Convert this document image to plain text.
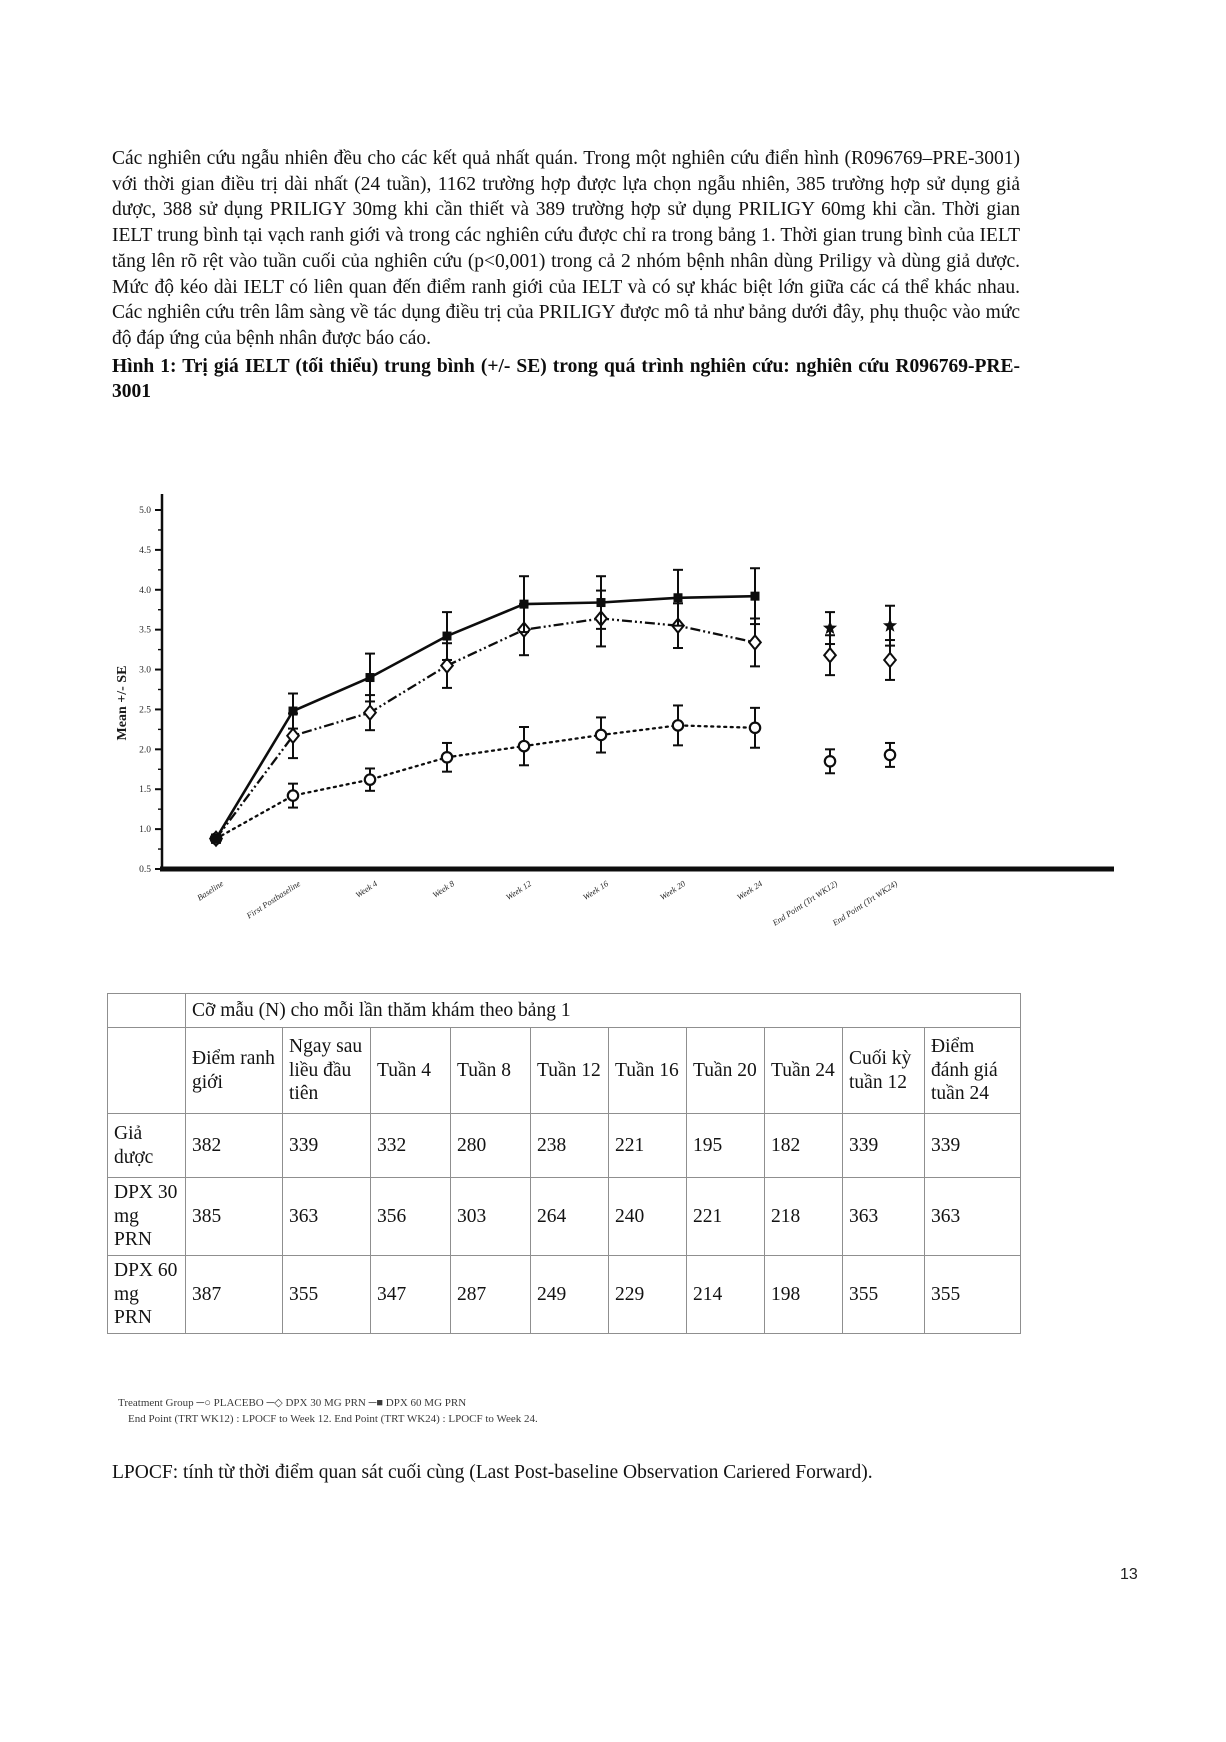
Các nghiên cứu ngẫu nhiên đều cho các kết quả nhất quán. Trong một nghiên cứu điển hình (R096769–PRE-3001) với thời gian điều trị dài nhất (24 tuần), 1162 trường hợp được lựa chọn ngẫu nhiên, 385 trường hợp sử dụng giả dược, 388 sử dụng PRILIGY 30mg khi cần thiết và 389 trường hợp sử dụng PRILIGY 60mg khi cần. Thời gian IELT trung bình tại vạch ranh giới và trong các nghiên cứu được chỉ ra trong bảng 1. Thời gian trung bình của IELT tăng lên rõ rệt vào tuần cuối của nghiên cứu (p<0,001) trong cả 2 nhóm bệnh nhân dùng Priligy và dùng giả dược. Mức độ kéo dài IELT có liên quan đến điểm ranh giới của IELT và có sự khác biệt lớn giữa các cá thể khác nhau. Các nghiên cứu trên lâm sàng về tác dụng điều trị của PRILIGY được mô tả như bảng dưới đây, phụ thuộc vào mức độ đáp ứng của bệnh nhân được báo cáo.
Hình 1: Trị giá IELT (tối thiểu) trung bình (+/- SE) trong quá trình nghiên cứu: nghiên cứu R096769-PRE-3001
0.5
1.0
1.5
2.0
2.5
3.0
3.5
4.0
4.5
5.0
Mean +/- SE
Baseline First Postbaseline	Week 4	Week 8	Week 12	Week 16	Week 20	Week 24 End Point (Trt WK12)
End Point (Trt WK24)
	Cỡ mẫu (N) cho mỗi lần thăm khám theo bảng 1									
	Điểm ranh giới	Ngay sau liều đầu tiên	Tuần 4	Tuần 8	Tuần 12	Tuần 16	Tuần 20	Tuần 24	Cuối kỳ tuần 12	Điểm đánh giá tuần 24
Giả dược	382	339	332	280	238	221	195	182	339	339
DPX 30 mg PRN	385	363	356	303	264	240	221	218	363	363
DPX 60 mg PRN	387	355	347	287	249	229	214	198	355	355
Treatment Group ─○ PLACEBO ─◇ DPX 30 MG PRN ─■ DPX 60 MG PRN
End Point (TRT WK12) : LPOCF to Week 12. End Point (TRT WK24) : LPOCF to Week 24.
LPOCF: tính từ thời điểm quan sát cuối cùng (Last Post-baseline Observation Cariered Forward).
13
